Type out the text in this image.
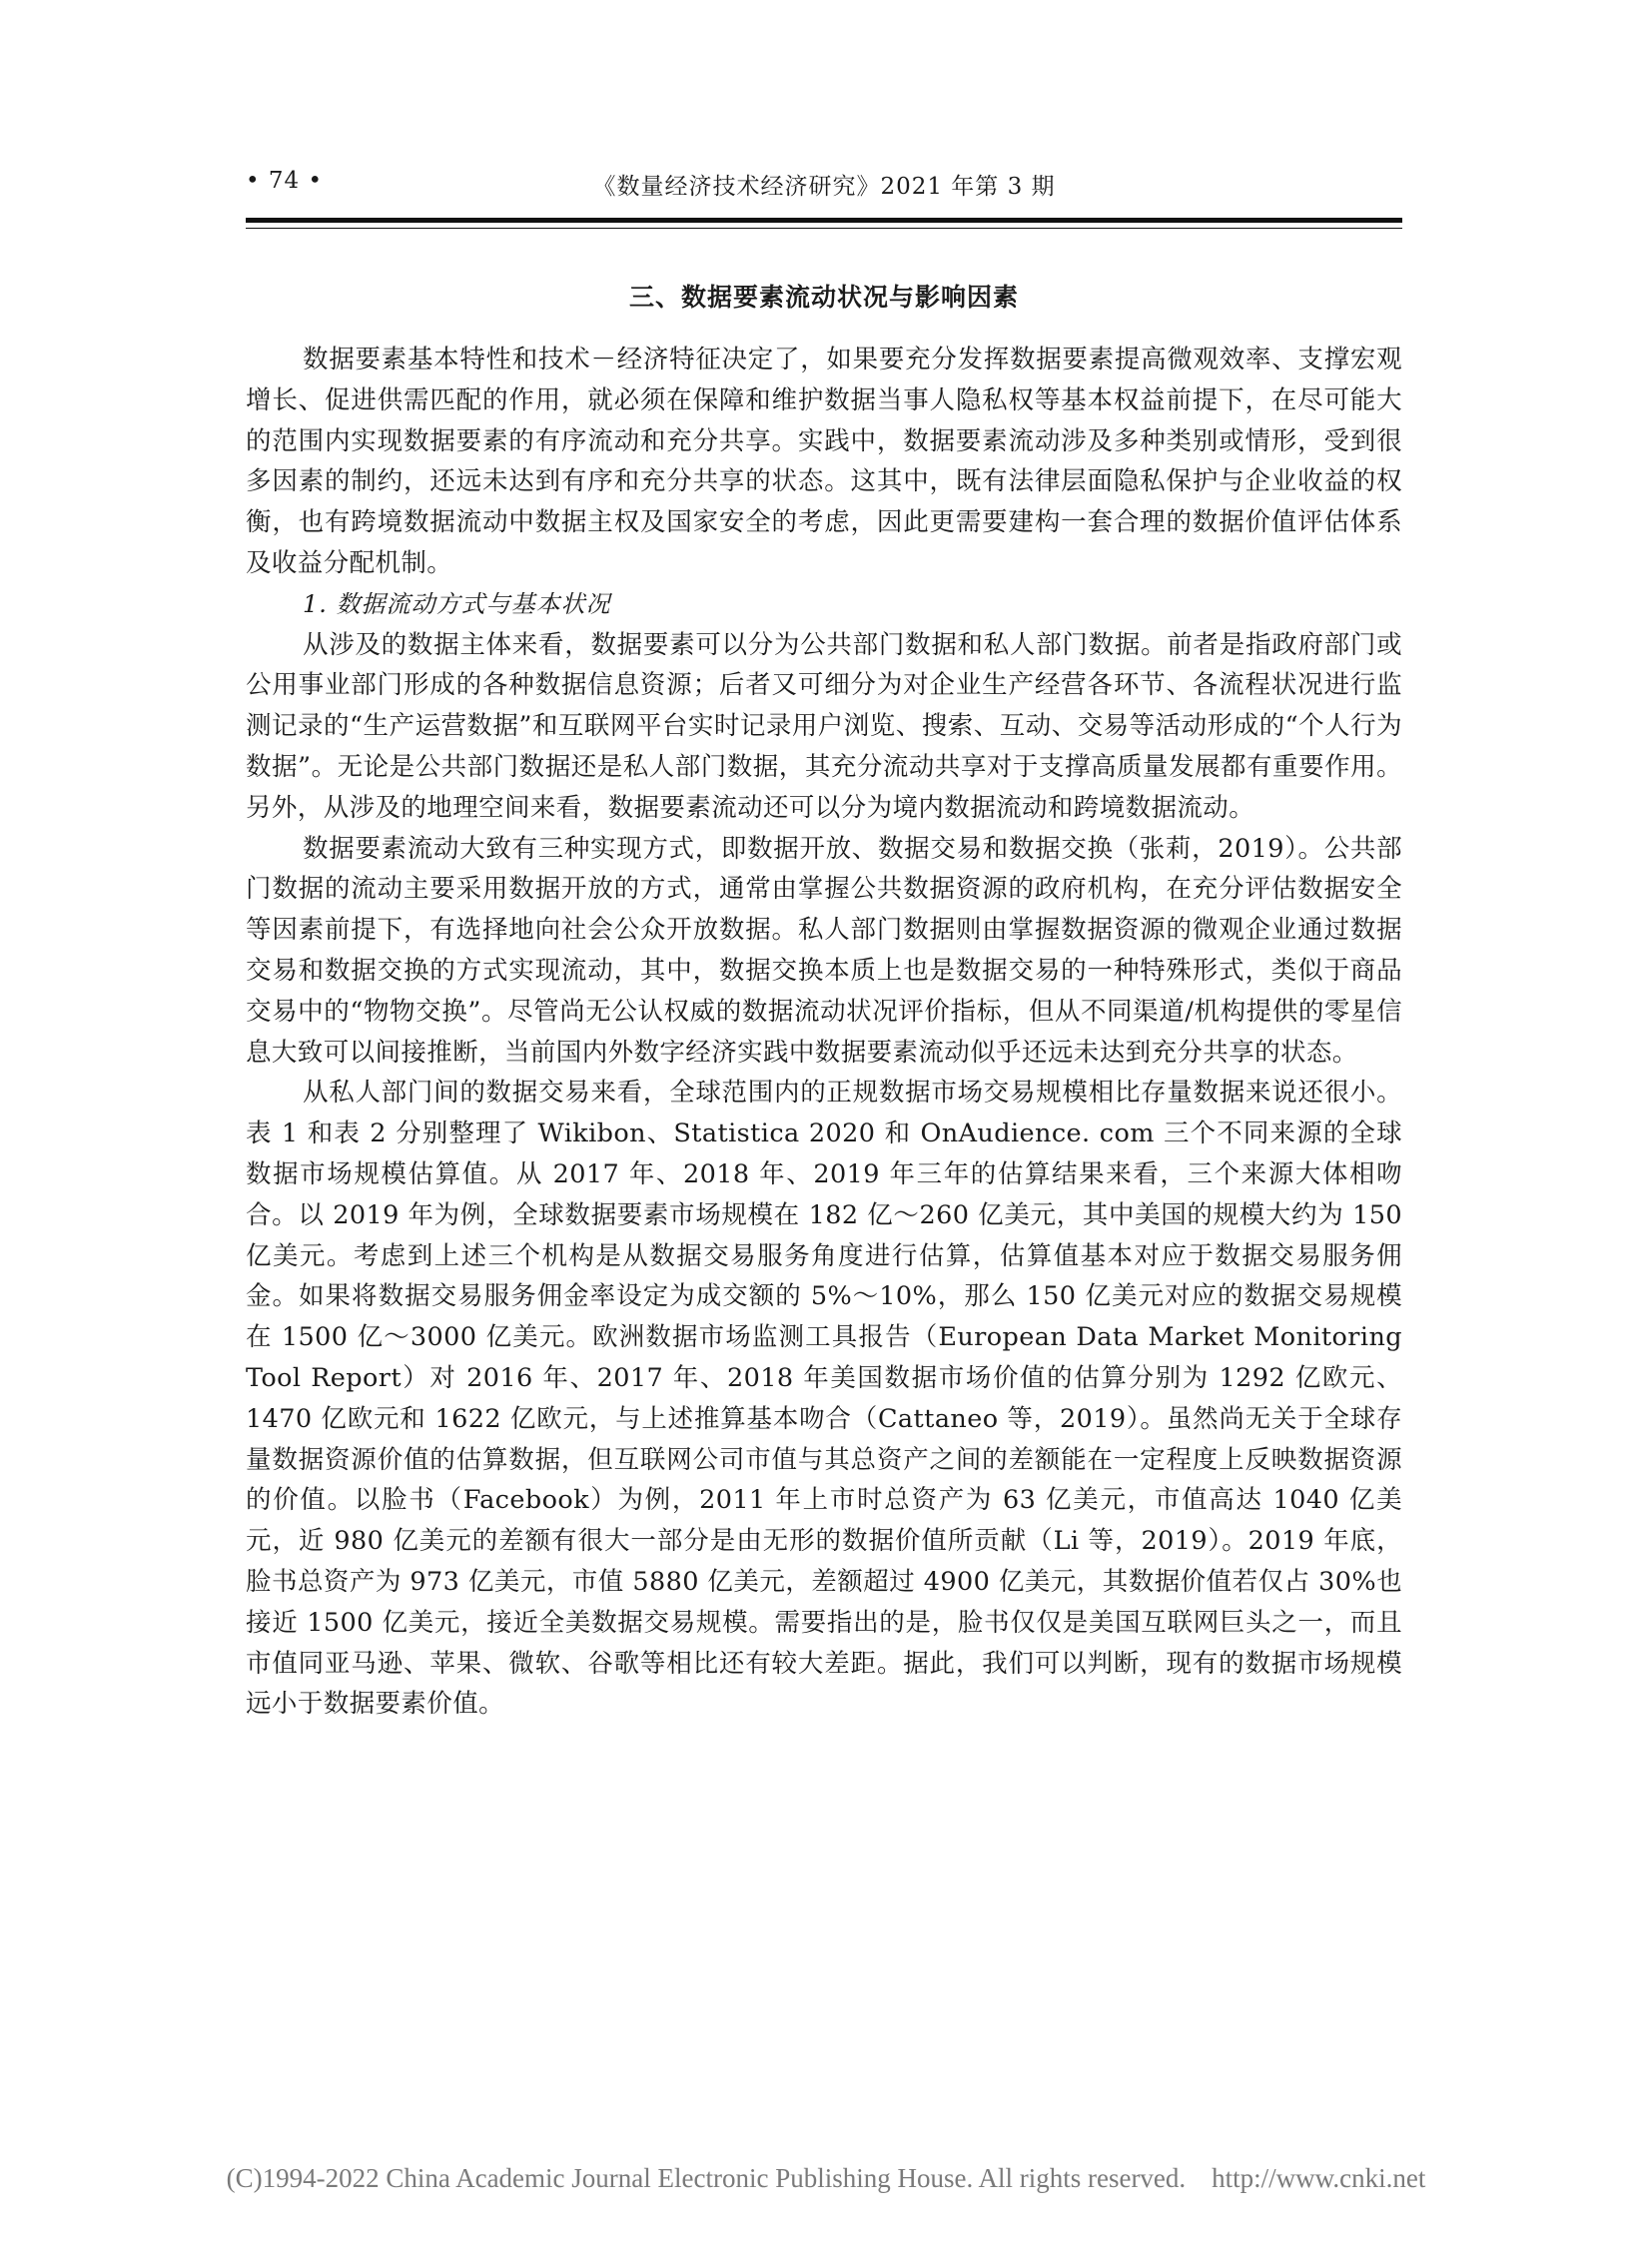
• 74 •	《数量经济技术经济研究》2021 年第 3 期
三、数据要素流动状况与影响因素

数据要素基本特性和技术－经济特征决定了，如果要充分发挥数据要素提高微观效率、支撑宏观增长、促进供需匹配的作用，就必须在保障和维护数据当事人隐私权等基本权益前提下，在尽可能大的范围内实现数据要素的有序流动和充分共享。实践中，数据要素流动涉及多种类别或情形，受到很多因素的制约，还远未达到有序和充分共享的状态。这其中，既有法律层面隐私保护与企业收益的权衡，也有跨境数据流动中数据主权及国家安全的考虑，因此更需要建构一套合理的数据价值评估体系及收益分配机制。

1. 数据流动方式与基本状况

从涉及的数据主体来看，数据要素可以分为公共部门数据和私人部门数据。前者是指政府部门或公用事业部门形成的各种数据信息资源；后者又可细分为对企业生产经营各环节、各流程状况进行监测记录的“生产运营数据”和互联网平台实时记录用户浏览、搜索、互动、交易等活动形成的“个人行为数据”。无论是公共部门数据还是私人部门数据，其充分流动共享对于支撑高质量发展都有重要作用。另外，从涉及的地理空间来看，数据要素流动还可以分为境内数据流动和跨境数据流动。

数据要素流动大致有三种实现方式，即数据开放、数据交易和数据交换（张莉，2019）。公共部门数据的流动主要采用数据开放的方式，通常由掌握公共数据资源的政府机构，在充分评估数据安全等因素前提下，有选择地向社会公众开放数据。私人部门数据则由掌握数据资源的微观企业通过数据交易和数据交换的方式实现流动，其中，数据交换本质上也是数据交易的一种特殊形式，类似于商品交易中的“物物交换”。尽管尚无公认权威的数据流动状况评价指标，但从不同渠道/机构提供的零星信息大致可以间接推断，当前国内外数字经济实践中数据要素流动似乎还远未达到充分共享的状态。

从私人部门间的数据交易来看，全球范围内的正规数据市场交易规模相比存量数据来说还很小。表 1 和表 2 分别整理了 Wikibon、Statistica 2020 和 OnAudience. com 三个不同来源的全球数据市场规模估算值。从 2017 年、2018 年、2019 年三年的估算结果来看，三个来源大体相吻合。以 2019 年为例，全球数据要素市场规模在 182 亿～260 亿美元，其中美国的规模大约为 150 亿美元。考虑到上述三个机构是从数据交易服务角度进行估算，估算值基本对应于数据交易服务佣金。如果将数据交易服务佣金率设定为成交额的 5%～10%，那么 150 亿美元对应的数据交易规模在 1500 亿～3000 亿美元。欧洲数据市场监测工具报告（European Data Market Monitoring Tool Report）对 2016 年、2017 年、2018 年美国数据市场价值的估算分别为 1292 亿欧元、1470 亿欧元和 1622 亿欧元，与上述推算基本吻合（Cattaneo 等，2019）。虽然尚无关于全球存量数据资源价值的估算数据，但互联网公司市值与其总资产之间的差额能在一定程度上反映数据资源的价值。以脸书（Facebook）为例，2011 年上市时总资产为 63 亿美元，市值高达 1040 亿美元，近 980 亿美元的差额有很大一部分是由无形的数据价值所贡献（Li 等，2019）。2019 年底，脸书总资产为 973 亿美元，市值 5880 亿美元，差额超过 4900 亿美元，其数据价值若仅占 30%也接近 1500 亿美元，接近全美数据交易规模。需要指出的是，脸书仅仅是美国互联网巨头之一，而且市值同亚马逊、苹果、微软、谷歌等相比还有较大差距。据此，我们可以判断，现有的数据市场规模远小于数据要素价值。

(C)1994-2022 China Academic Journal Electronic Publishing House. All rights reserved. http://www.cnki.net
